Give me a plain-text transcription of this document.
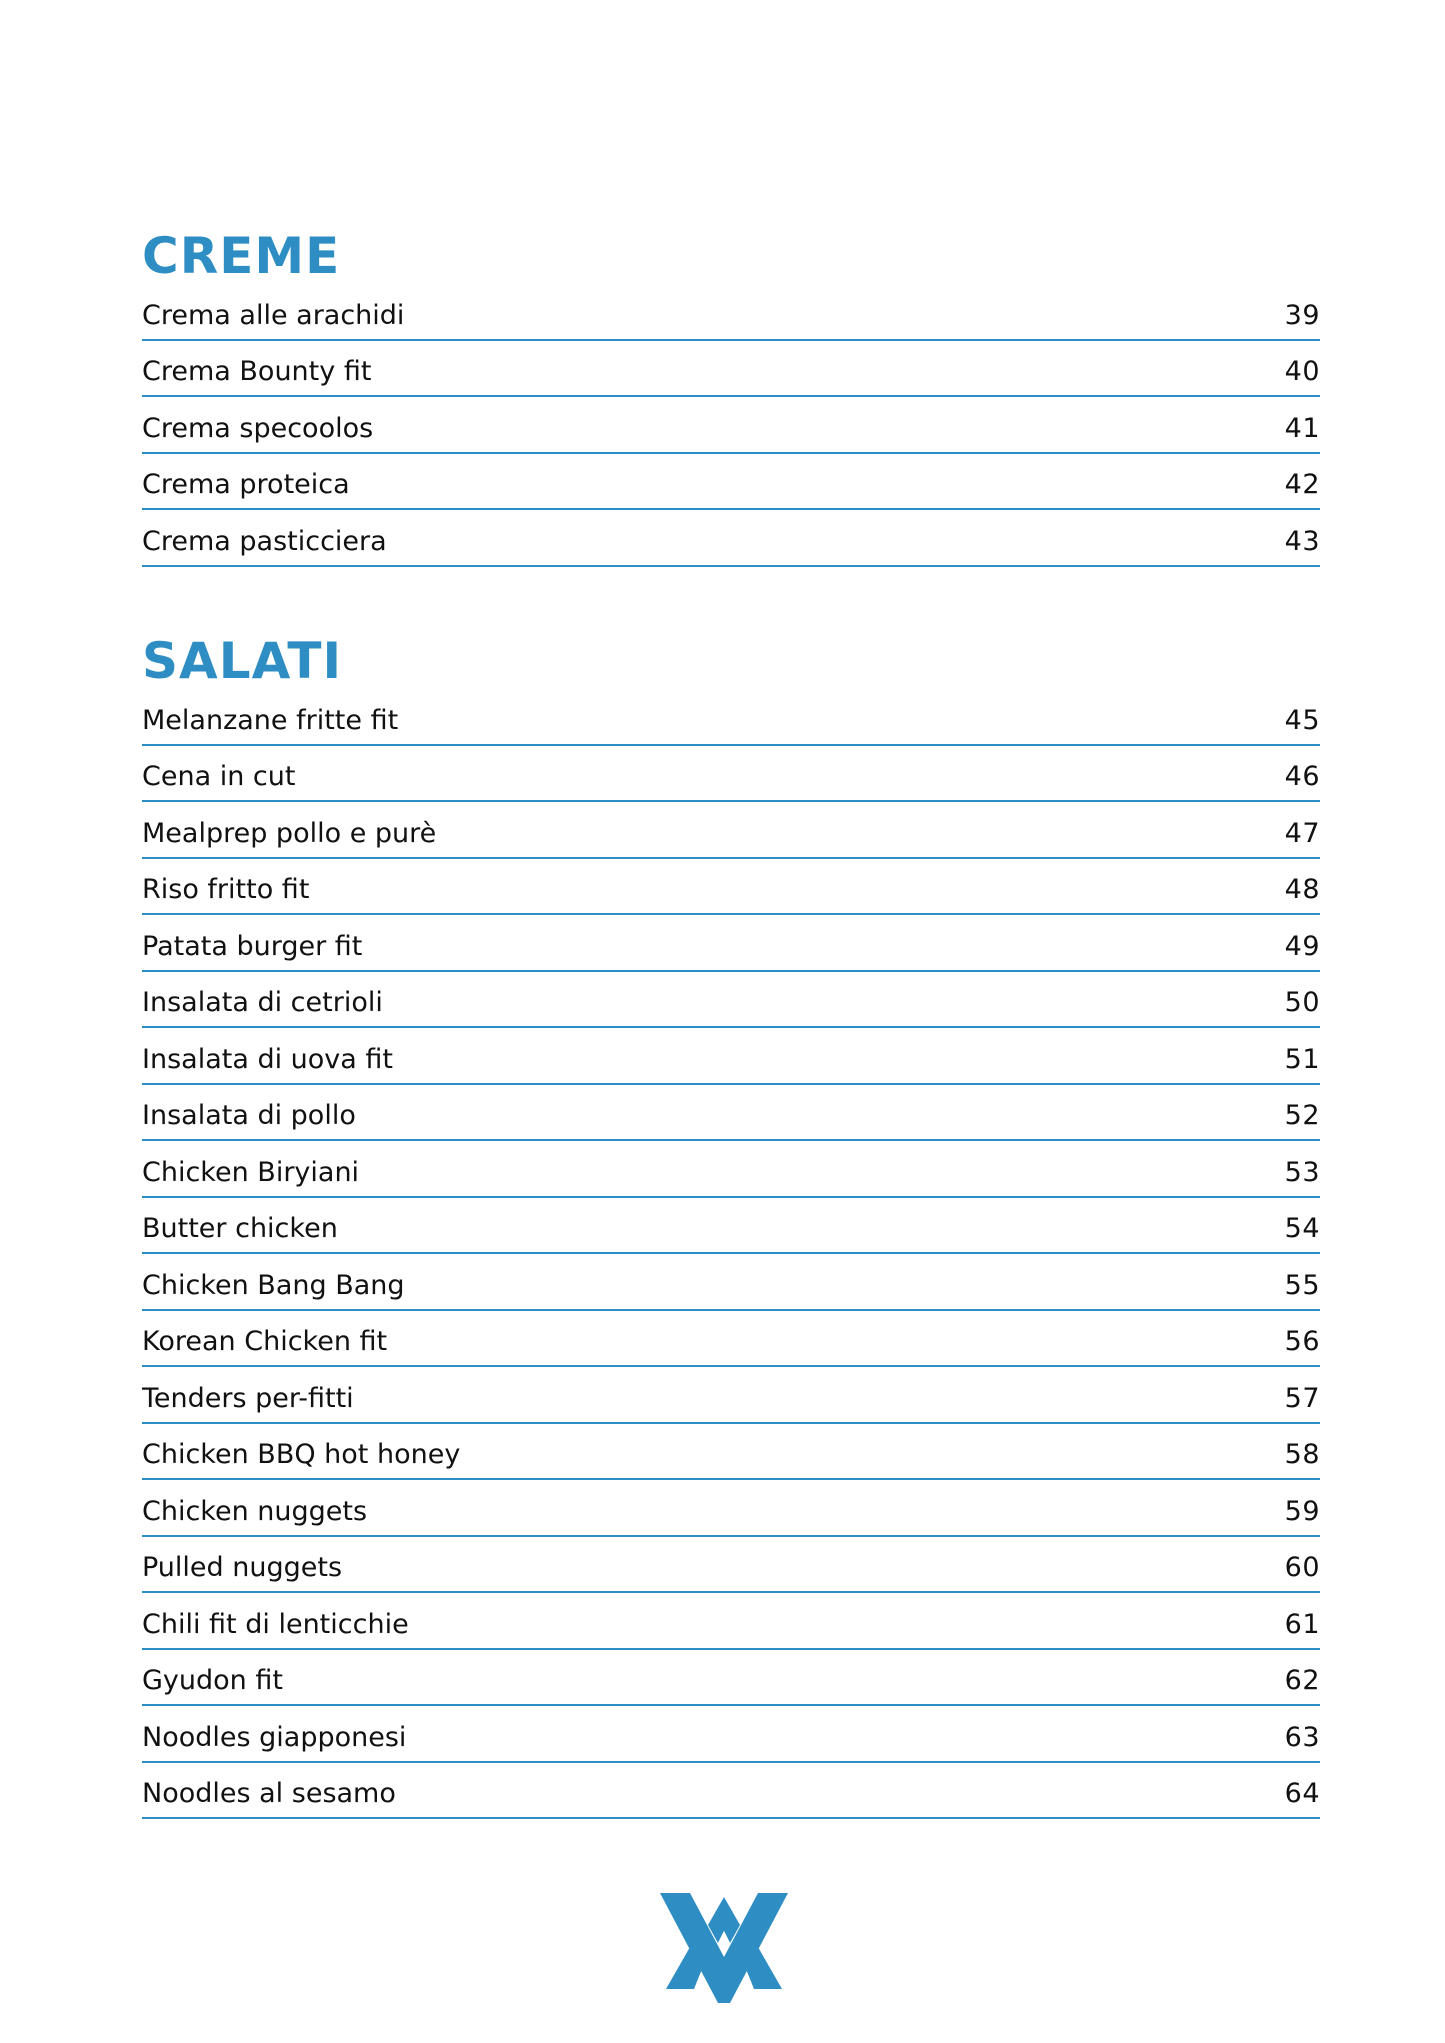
CREME
Crema alle arachidi	39
Crema Bounty fit	40
Crema specoolos	41
Crema proteica	42
Crema pasticciera	43
SALATI
Melanzane fritte fit	45
Cena in cut	46
Mealprep pollo e purè	47
Riso fritto fit	48
Patata burger fit	49
Insalata di cetrioli	50
Insalata di uova fit	51
Insalata di pollo	52
Chicken Biryiani	53
Butter chicken	54
Chicken Bang Bang	55
Korean Chicken fit	56
Tenders per-fitti	57
Chicken BBQ hot honey	58
Chicken nuggets	59
Pulled nuggets	60
Chili fit di lenticchie	61
Gyudon fit	62
Noodles giapponesi	63
Noodles al sesamo	64
